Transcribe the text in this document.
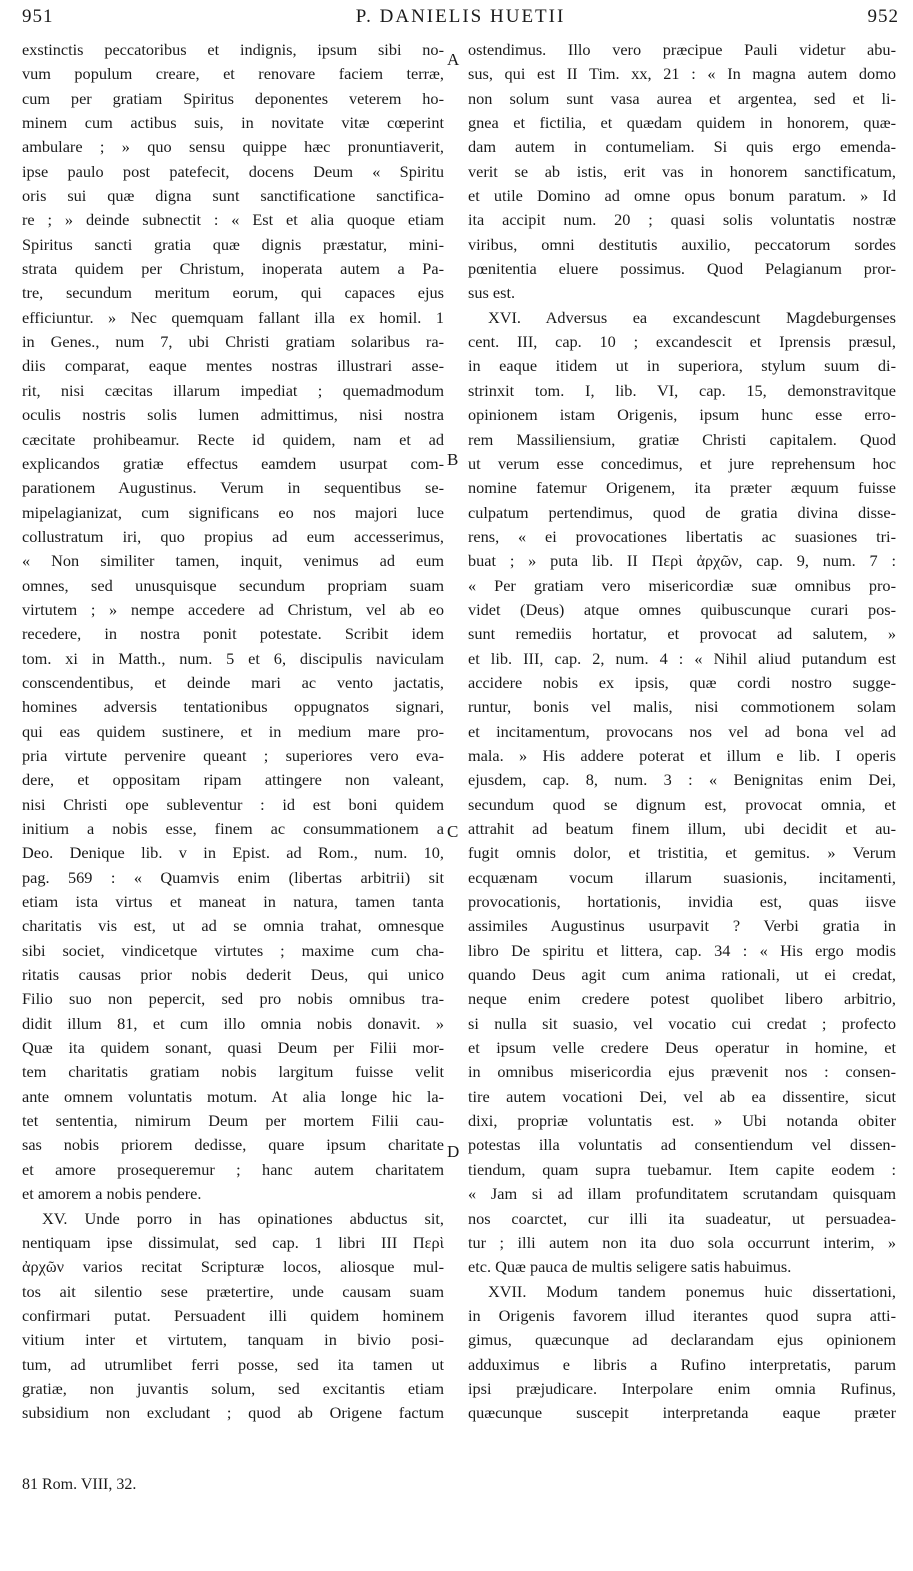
951	P. DANIELIS HUETII	952
exstinctis peccatoribus et indignis, ipsum sibi no-
vum populum creare, et renovare faciem terræ,
cum per gratiam Spiritus deponentes veterem ho-
minem cum actibus suis, in novitate vitæ cœperint
ambulare ; » quo sensu quippe hæc pronuntiaverit,
ipse paulo post patefecit, docens Deum « Spiritu
oris sui quæ digna sunt sanctificatione sanctifica-
re ; » deinde subnectit : « Est et alia quoque etiam
Spiritus sancti gratia quæ dignis præstatur, mini-
strata quidem per Christum, inoperata autem a Pa-
tre, secundum meritum eorum, qui capaces ejus
efficiuntur. » Nec quemquam fallant illa ex homil. 1
in Genes., num 7, ubi Christi gratiam solaribus ra-
diis comparat, eaque mentes nostras illustrari asse-
rit, nisi cæcitas illarum impediat ; quemadmodum
oculis nostris solis lumen admittimus, nisi nostra
cæcitate prohibeamur. Recte id quidem, nam et ad
explicandos gratiæ effectus eamdem usurpat com-
parationem Augustinus. Verum in sequentibus se-
mipelagianizat, cum significans eo nos majori luce
collustratum iri, quo propius ad eum accesserimus,
« Non similiter tamen, inquit, venimus ad eum
omnes, sed unusquisque secundum propriam suam
virtutem ; » nempe accedere ad Christum, vel ab eo
recedere, in nostra ponit potestate. Scribit idem
tom. xi in Matth., num. 5 et 6, discipulis naviculam
conscendentibus, et deinde mari ac vento jactatis,
homines adversis tentationibus oppugnatos signari,
qui eas quidem sustinere, et in medium mare pro-
pria virtute pervenire queant ; superiores vero eva-
dere, et oppositam ripam attingere non valeant,
nisi Christi ope subleventur : id est boni quidem
initium a nobis esse, finem ac consummationem a
Deo. Denique lib. v in Epist. ad Rom., num. 10,
pag. 569 : « Quamvis enim (libertas arbitrii) sit
etiam ista virtus et maneat in natura, tamen tanta
charitatis vis est, ut ad se omnia trahat, omnesque
sibi societ, vindicetque virtutes ; maxime cum cha-
ritatis causas prior nobis dederit Deus, qui unico
Filio suo non pepercit, sed pro nobis omnibus tra-
didit illum 81, et cum illo omnia nobis donavit. »
Quæ ita quidem sonant, quasi Deum per Filii mor-
tem charitatis gratiam nobis largitum fuisse velit
ante omnem voluntatis motum. At alia longe hic la-
tet sententia, nimirum Deum per mortem Filii cau-
sas nobis priorem dedisse, quare ipsum charitate
et amore prosequeremur ; hanc autem charitatem
et amorem a nobis pendere.
XV. Unde porro in has opinationes abductus sit,
nentiquam ipse dissimulat, sed cap. 1 libri III Περὶ
ἀρχῶν varios recitat Scripturæ locos, aliosque mul-
tos ait silentio sese prætertire, unde causam suam
confirmari putat. Persuadent illi quidem hominem
vitium inter et virtutem, tanquam in bivio posi-
tum, ad utrumlibet ferri posse, sed ita tamen ut
gratiæ, non juvantis solum, sed excitantis etiam
subsidium non excludant ; quod ab Origene factum
ostendimus. Illo vero præcipue Pauli videtur abu-
sus, qui est II Tim. xx, 21 : « In magna autem domo
non solum sunt vasa aurea et argentea, sed et li-
gnea et fictilia, et quædam quidem in honorem, quæ-
dam autem in contumeliam. Si quis ergo emenda-
verit se ab istis, erit vas in honorem sanctificatum,
et utile Domino ad omne opus bonum paratum. » Id
ita accipit num. 20 ; quasi solis voluntatis nostræ
viribus, omni destitutis auxilio, peccatorum sordes
pœnitentia eluere possimus. Quod Pelagianum pror-
sus est.
XVI. Adversus ea excandescunt Magdeburgenses
cent. III, cap. 10 ; excandescit et Iprensis præsul,
in eaque itidem ut in superiora, stylum suum di-
strinxit tom. I, lib. VI, cap. 15, demonstravitque
opinionem istam Origenis, ipsum hunc esse erro-
rem Massiliensium, gratiæ Christi capitalem. Quod
ut verum esse concedimus, et jure reprehensum hoc
nomine fatemur Origenem, ita præter æquum fuisse
culpatum pertendimus, quod de gratia divina disse-
rens, « ei provocationes libertatis ac suasiones tri-
buat ; » puta lib. II Περὶ ἀρχῶν, cap. 9, num. 7 :
« Per gratiam vero misericordiæ suæ omnibus pro-
videt (Deus) atque omnes quibuscunque curari pos-
sunt remediis hortatur, et provocat ad salutem, »
et lib. III, cap. 2, num. 4 : « Nihil aliud putandum est
accidere nobis ex ipsis, quæ cordi nostro sugge-
runtur, bonis vel malis, nisi commotionem solam
et incitamentum, provocans nos vel ad bona vel ad
mala. » His addere poterat et illum e lib. I operis
ejusdem, cap. 8, num. 3 : « Benignitas enim Dei,
secundum quod se dignum est, provocat omnia, et
attrahit ad beatum finem illum, ubi decidit et au-
fugit omnis dolor, et tristitia, et gemitus. » Verum
ecquænam vocum illarum suasionis, incitamenti,
provocationis, hortationis, invidia est, quas iisve
assimiles Augustinus usurpavit ? Verbi gratia in
libro De spiritu et littera, cap. 34 : « His ergo modis
quando Deus agit cum anima rationali, ut ei credat,
neque enim credere potest quolibet libero arbitrio,
si nulla sit suasio, vel vocatio cui credat ; profecto
et ipsum velle credere Deus operatur in homine, et
in omnibus misericordia ejus prævenit nos : consen-
tire autem vocationi Dei, vel ab ea dissentire, sicut
dixi, propriæ voluntatis est. » Ubi notanda obiter
potestas illa voluntatis ad consentiendum vel dissen-
tiendum, quam supra tuebamur. Item capite eodem :
« Jam si ad illam profunditatem scrutandam quisquam
nos coarctet, cur illi ita suadeatur, ut persuadea-
tur ; illi autem non ita duo sola occurrunt interim, »
etc. Quæ pauca de multis seligere satis habuimus.
XVII. Modum tandem ponemus huic dissertationi,
in Origenis favorem illud iterantes quod supra atti-
gimus, quæcunque ad declarandam ejus opinionem
adduximus e libris a Rufino interpretatis, parum
ipsi præjudicare. Interpolare enim omnia Rufinus,
quæcunque suscepit interpretanda eaque præter
A
B
C
D
81 Rom. VIII, 32.
